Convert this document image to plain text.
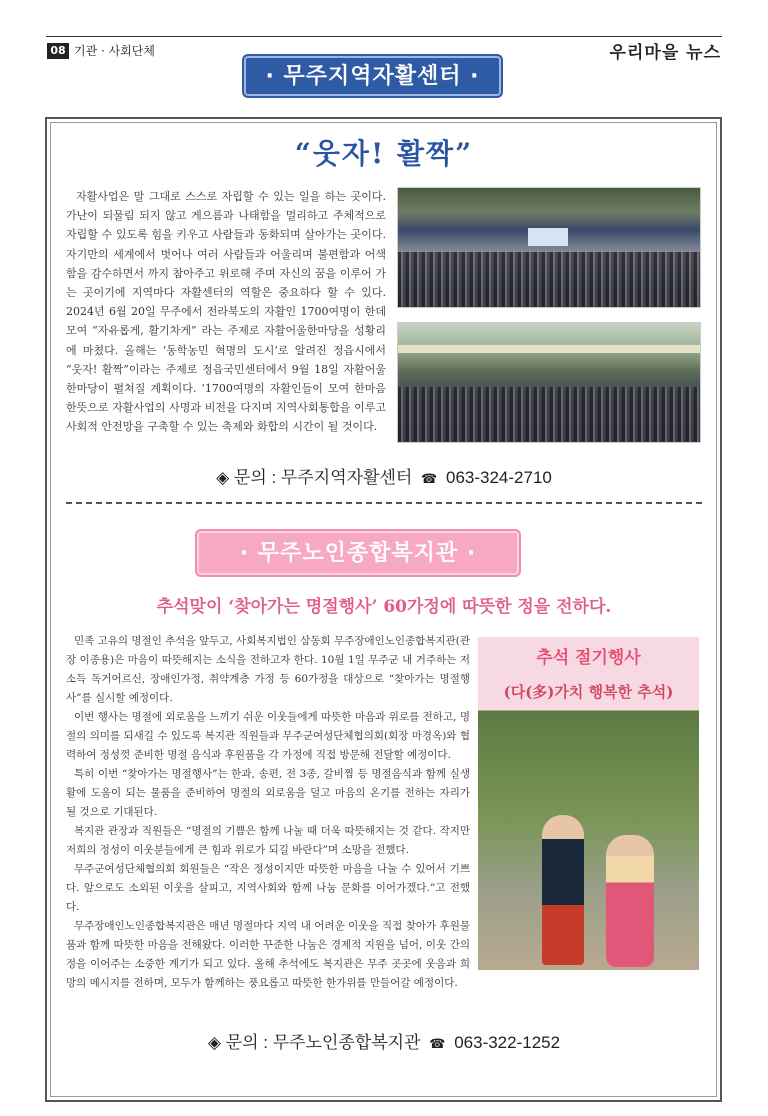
08 기관 · 사회단체	우리마을 뉴스
· 무주지역자활센터 ·
“웃자! 활짝”

자활사업은 말 그대로 스스로 자립할 수 있는 일을 하는 곳이다. 가난이 되물림 되지 않고 게으름과 나태함을 멀리하고 주체적으로 자립할 수 있도록 힘을 키우고 사람들과 동화되며 살아가는 곳이다. 자기만의 세계에서 벗어나 여러 사람들과 어울리며 불편함과 어색함을 감수하면서 까지 참아주고 위로해 주며 자신의 꿈을 이루어 가는 곳이기에 지역마다 자활센터의 역할은 중요하다 할 수 있다. 2024년 6월 20일 무주에서 전라북도의 자활인 1700여명이 한데 모여 “자유롭게, 활기차게” 라는 주제로 자활어울한마당을 성황리에 마쳤다. 올해는 ‘동학농민 혁명의 도시’로 알려진 정읍시에서 “웃자! 활짝”이라는 주제로 정읍국민센터에서 9월 18일 자활어울한마당이 펼쳐질 계획이다. ‘1700여명의 자활인들이 모여 한마음 한뜻으로 자활사업의 사명과 비전을 다지며 지역사회통합을 이루고 사회적 안전망을 구축할 수 있는 축제와 화합의 시간이 될 것이다.

◈ 문의 : 무주지역자활센터 ☎ 063-324-2710
· 무주노인종합복지관 ·
추석맞이 ‘찾아가는 명절행사’ 60가정에 따뜻한 정을 전하다.

민족 고유의 명절인 추석을 앞두고, 사회복지법인 삼동회 무주장애인노인종합복지관(관장 이종용)은 마음이 따뜻해지는 소식을 전하고자 한다. 10월 1일 무주군 내 거주하는 저소득 독거어르신, 장애인가정, 취약계층 가정 등 60가정을 대상으로 “찾아가는 명절행사”를 실시할 예정이다.

이번 행사는 명절에 외로움을 느끼기 쉬운 이웃들에게 따뜻한 마음과 위로를 전하고, 명절의 의미를 되새길 수 있도록 복지관 직원들과 무주군여성단체협의회(회장 마경옥)와 협력하여 정성껏 준비한 명절 음식과 후원품을 각 가정에 직접 방문해 전달할 예정이다.

특히 이번 “찾아가는 명절행사”는 한과, 송편, 전 3종, 갈비찜 등 명절음식과 함께 실생활에 도움이 되는 물품을 준비하여 명절의 외로움을 덜고 마음의 온기를 전하는 자리가 될 것으로 기대된다.

복지관 관장과 직원들은 “명절의 기쁨은 함께 나눌 때 더욱 따뜻해지는 것 같다. 작지만 저희의 정성이 이웃분들에게 큰 힘과 위로가 되길 바란다”며 소망을 전했다.

무주군여성단체협의회 회원들은 “작은 정성이지만 따뜻한 마음을 나눌 수 있어서 기쁘다. 앞으로도 소외된 이웃을 살피고, 지역사회와 함께 나눔 문화를 이어가겠다.”고 전했다.

무주장애인노인종합복지관은 매년 명절마다 지역 내 어려운 이웃을 직접 찾아가 후원물품과 함께 따뜻한 마음을 전해왔다. 이러한 꾸준한 나눔은 경제적 지원을 넘어, 이웃 간의 정을 이어주는 소중한 계기가 되고 있다. 올해 추석에도 복지관은 무주 곳곳에 웃음과 희망의 메시지를 전하며, 모두가 함께하는 풍요롭고 따뜻한 한가위를 만들어갈 예정이다.

추석 절기행사
(다(多)가치 행복한 추석)
◈ 문의 : 무주노인종합복지관 ☎ 063-322-1252
